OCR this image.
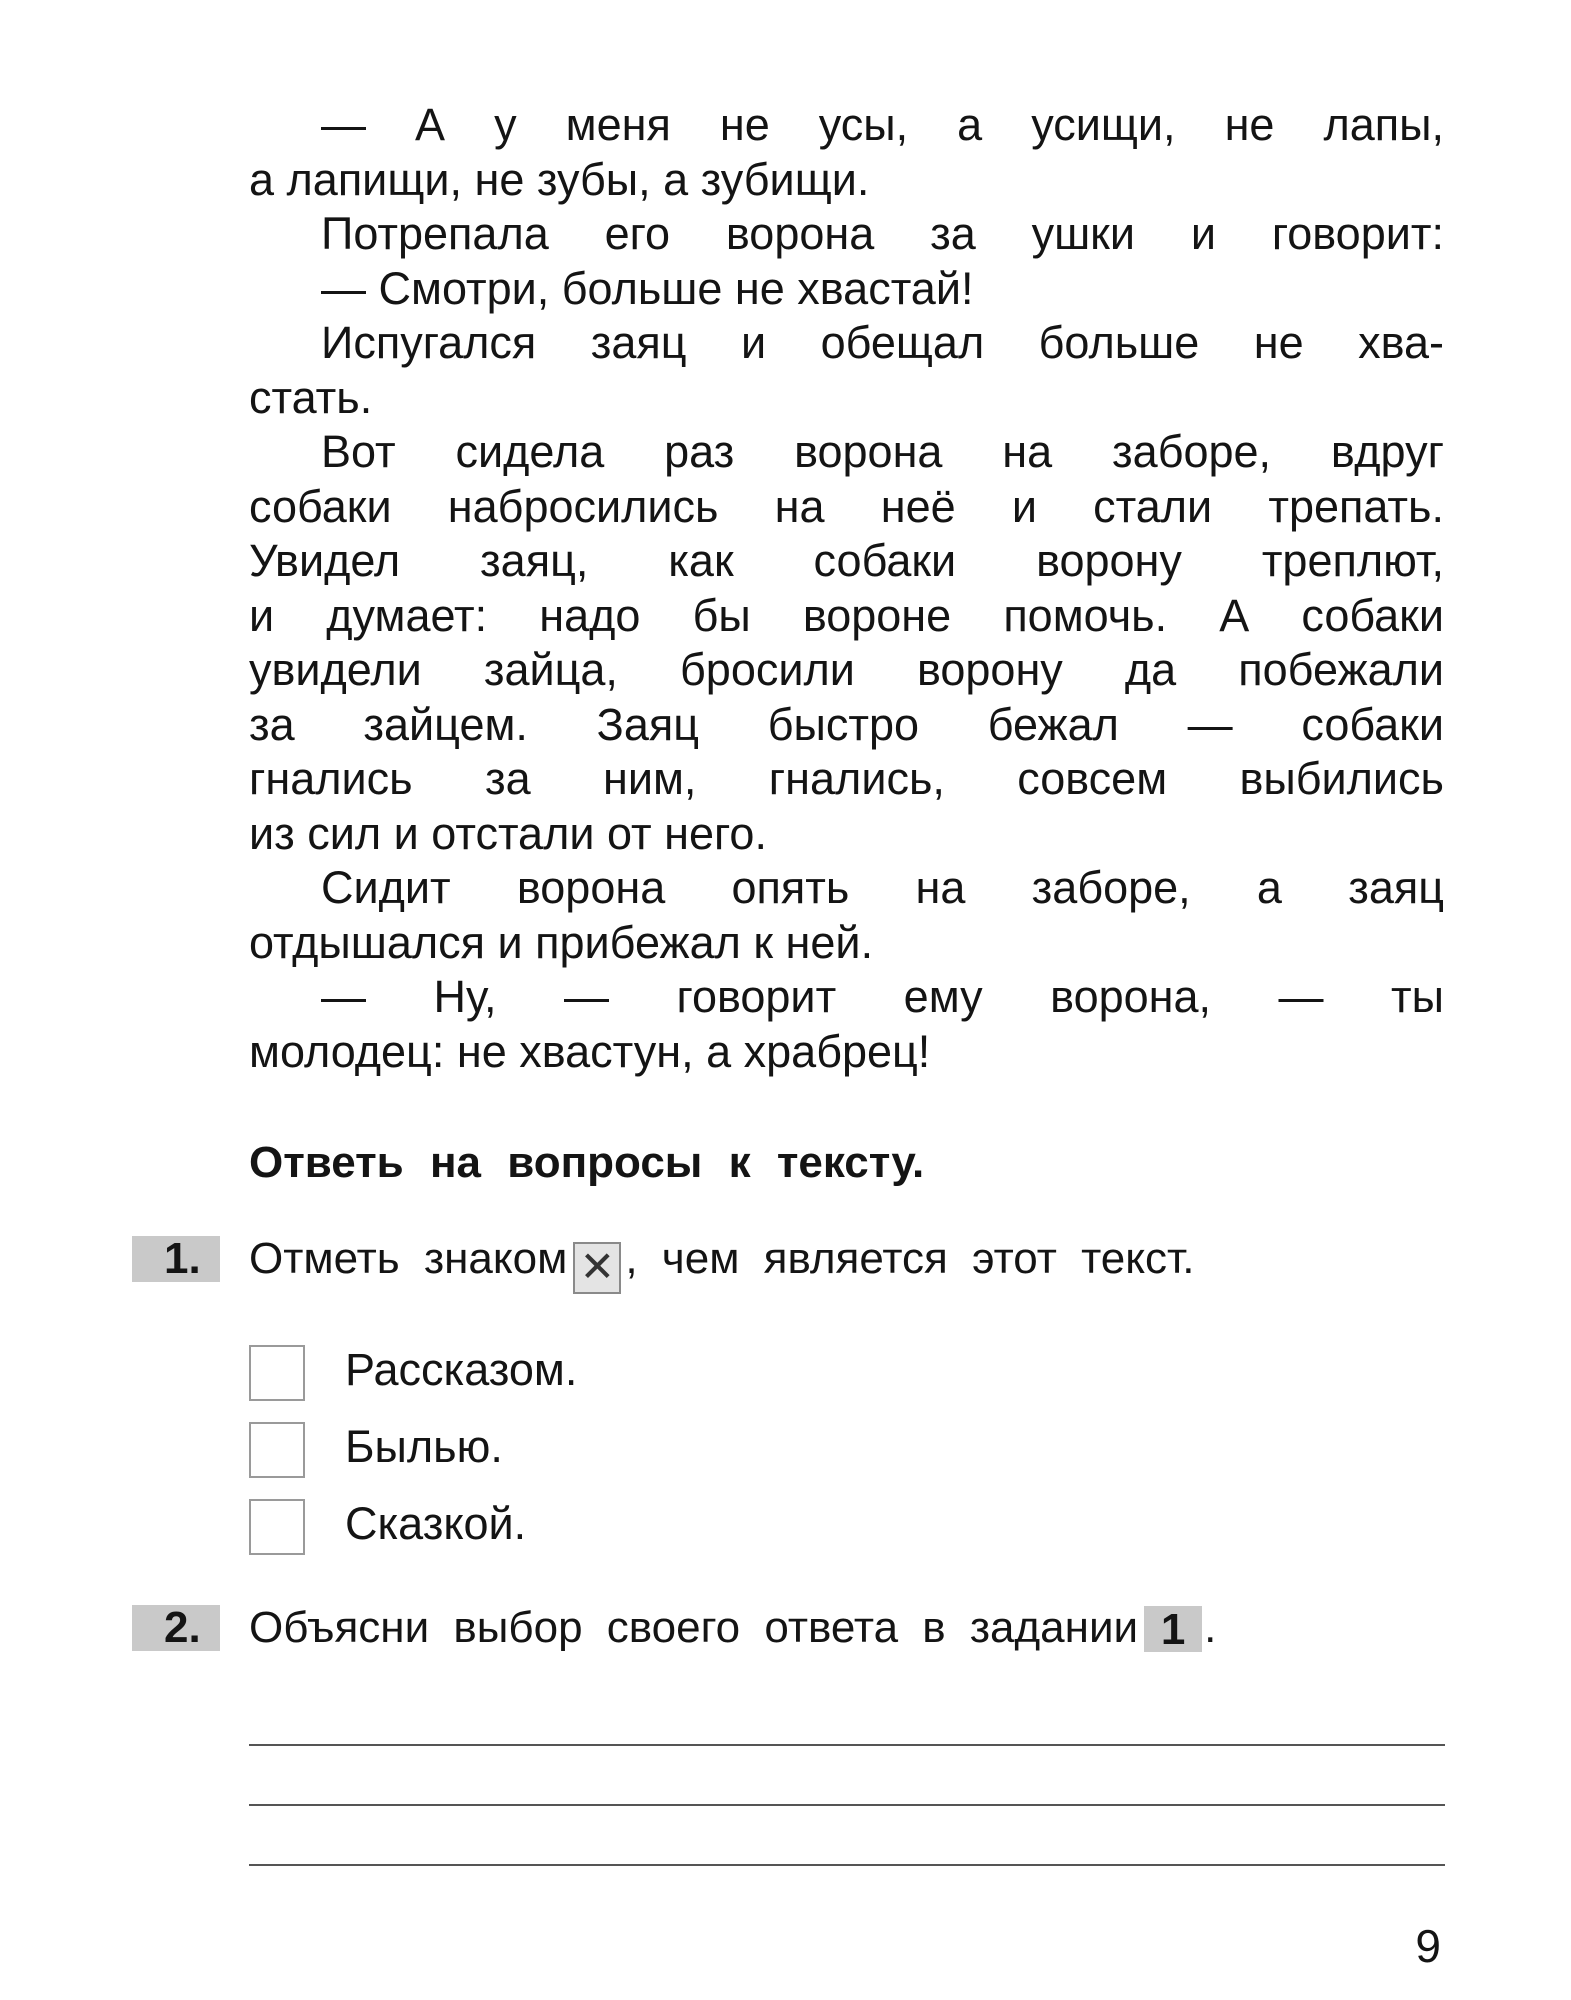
— А у меня не усы, а усищи, не лапы,
а лапищи, не зубы, а зубищи.
Потрепала его ворона за ушки и говорит:
— Смотри, больше не хвастай!
Испугался заяц и обещал больше не хва-
стать.
Вот сидела раз ворона на заборе, вдруг
собаки набросились на неё и стали трепать.
Увидел заяц, как собаки ворону треплют,
и думает: надо бы вороне помочь. А собаки
увидели зайца, бросили ворону да побежали
за зайцем. Заяц быстро бежал — собаки
гнались за ним, гнались, совсем выбились
из сил и отстали от него.
Сидит ворона опять на заборе, а заяц
отдышался и прибежал к ней.
— Ну, — говорит ему ворона, — ты
молодец: не хвастун, а храбрец!
Ответь на вопросы к тексту.
1. Отметь знаком ✕ , чем является этот текст.
Рассказом.
Былью.
Сказкой.
2. Объясни выбор своего ответа в задании 1 .
9
